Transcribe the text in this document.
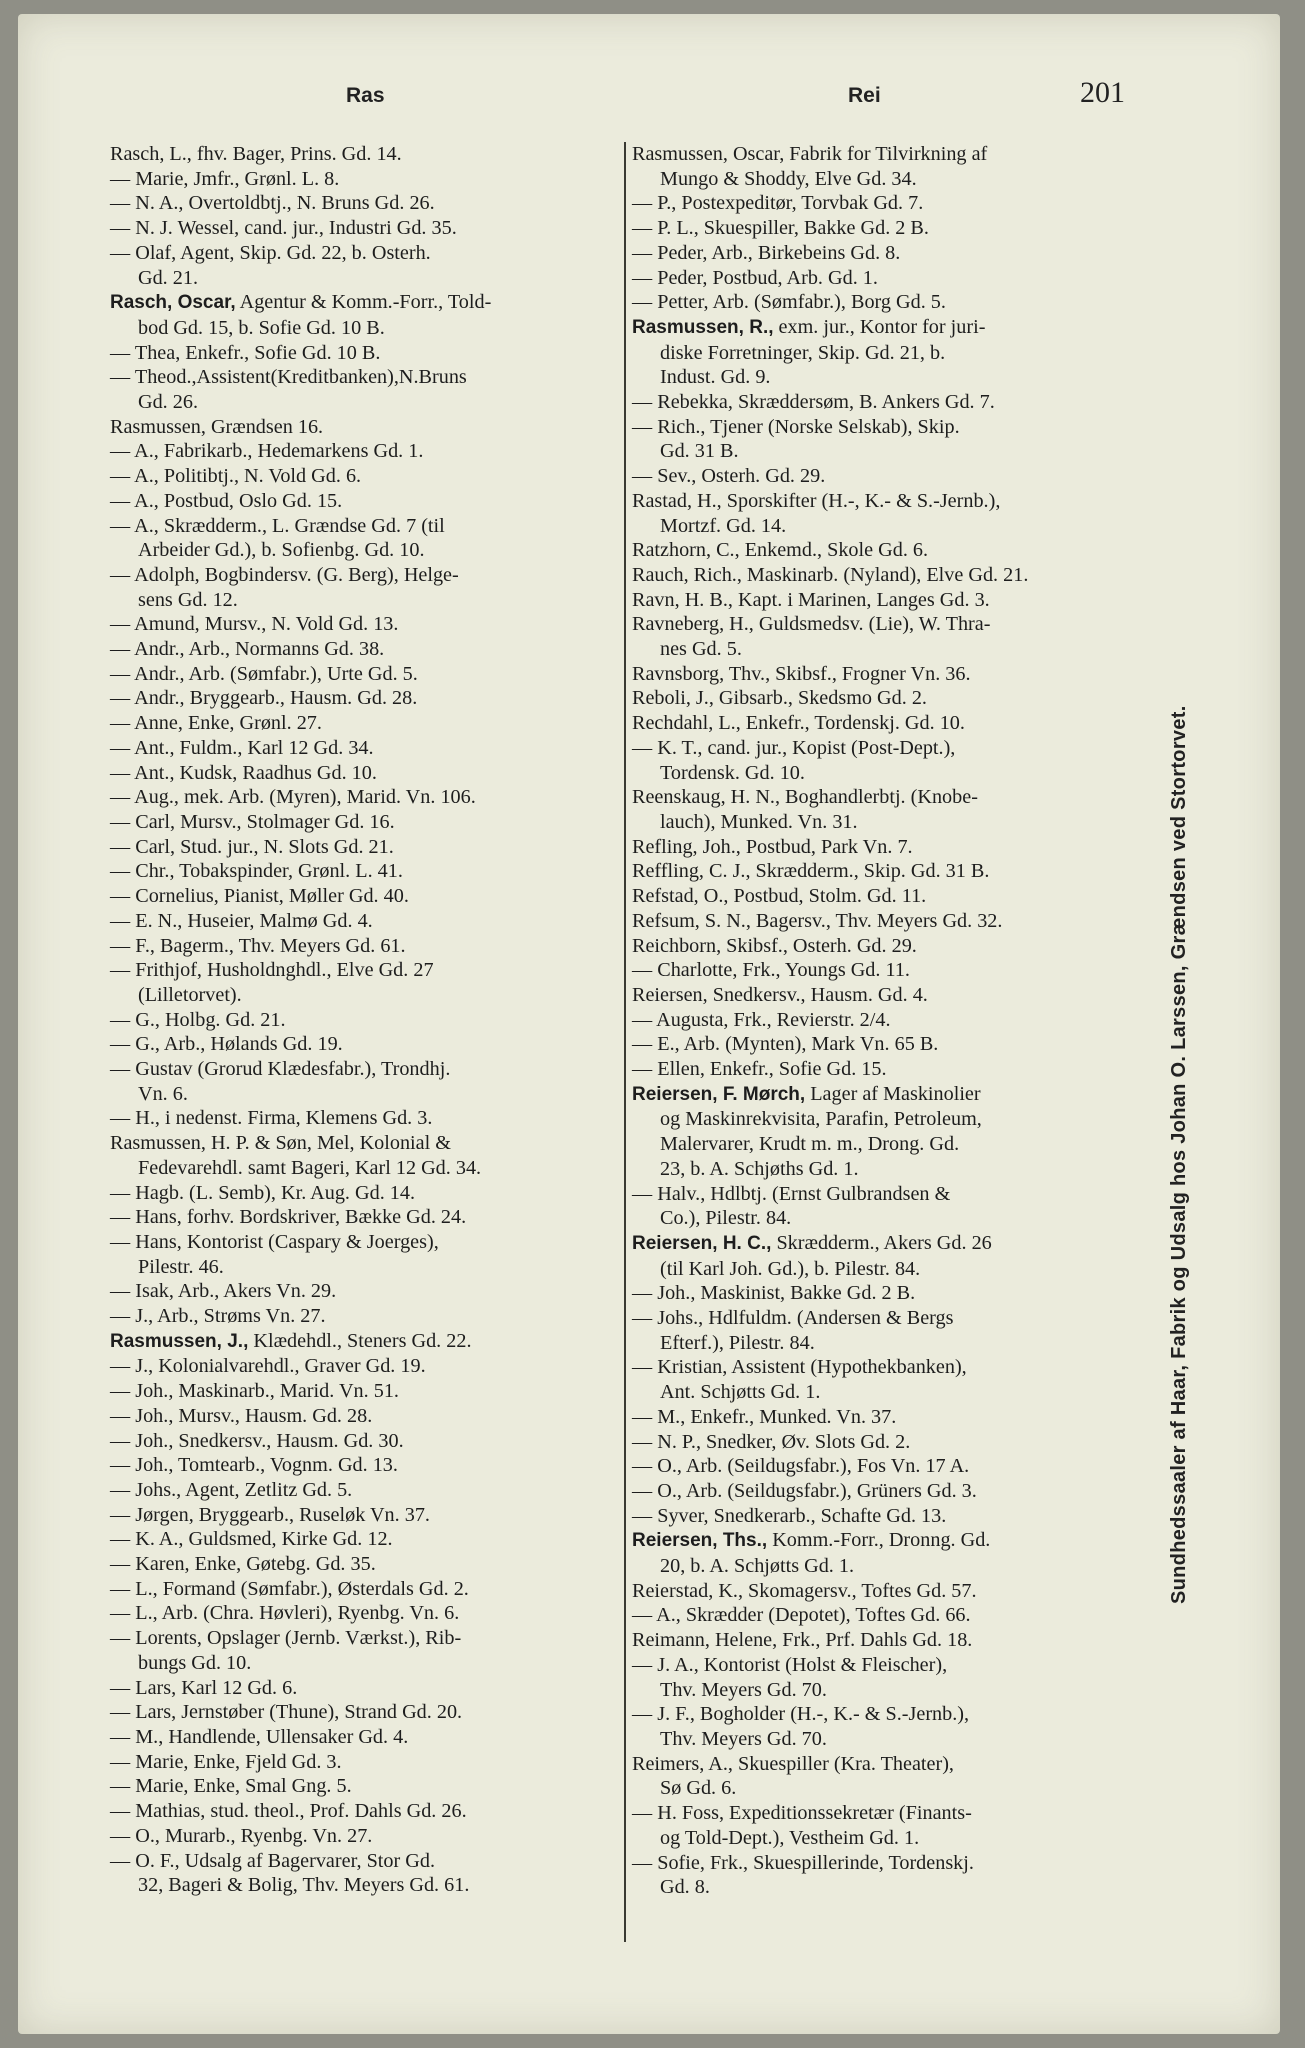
Ras	Rei	201
Rasch, L., fhv. Bager, Prins. Gd. 14.
— Marie, Jmfr., Grønl. L. 8.
— N. A., Overtoldbtj., N. Bruns Gd. 26.
— N. J. Wessel, cand. jur., Industri Gd. 35.
— Olaf, Agent, Skip. Gd. 22, b. Osterh.
Gd. 21.
Rasch, Oscar, Agentur & Komm.-Forr., Told-
bod Gd. 15, b. Sofie Gd. 10 B.
— Thea, Enkefr., Sofie Gd. 10 B.
— Theod.,Assistent(Kreditbanken),N.Bruns
Gd. 26.
Rasmussen, Grændsen 16.
— A., Fabrikarb., Hedemarkens Gd. 1.
— A., Politibtj., N. Vold Gd. 6.
— A., Postbud, Oslo Gd. 15.
— A., Skrædderm., L. Grændse Gd. 7 (til
Arbeider Gd.), b. Sofienbg. Gd. 10.
— Adolph, Bogbindersv. (G. Berg), Helge-
sens Gd. 12.
— Amund, Mursv., N. Vold Gd. 13.
— Andr., Arb., Normanns Gd. 38.
— Andr., Arb. (Sømfabr.), Urte Gd. 5.
— Andr., Bryggearb., Hausm. Gd. 28.
— Anne, Enke, Grønl. 27.
— Ant., Fuldm., Karl 12 Gd. 34.
— Ant., Kudsk, Raadhus Gd. 10.
— Aug., mek. Arb. (Myren), Marid. Vn. 106.
— Carl, Mursv., Stolmager Gd. 16.
— Carl, Stud. jur., N. Slots Gd. 21.
— Chr., Tobakspinder, Grønl. L. 41.
— Cornelius, Pianist, Møller Gd. 40.
— E. N., Huseier, Malmø Gd. 4.
— F., Bagerm., Thv. Meyers Gd. 61.
— Frithjof, Husholdnghdl., Elve Gd. 27
(Lilletorvet).
— G., Holbg. Gd. 21.
— G., Arb., Hølands Gd. 19.
— Gustav (Grorud Klædesfabr.), Trondhj.
Vn. 6.
— H., i nedenst. Firma, Klemens Gd. 3.
Rasmussen, H. P. & Søn, Mel, Kolonial &
Fedevarehdl. samt Bageri, Karl 12 Gd. 34.
— Hagb. (L. Semb), Kr. Aug. Gd. 14.
— Hans, forhv. Bordskriver, Bække Gd. 24.
— Hans, Kontorist (Caspary & Joerges),
Pilestr. 46.
— Isak, Arb., Akers Vn. 29.
— J., Arb., Strøms Vn. 27.
Rasmussen, J., Klædehdl., Steners Gd. 22.
— J., Kolonialvarehdl., Graver Gd. 19.
— Joh., Maskinarb., Marid. Vn. 51.
— Joh., Mursv., Hausm. Gd. 28.
— Joh., Snedkersv., Hausm. Gd. 30.
— Joh., Tomtearb., Vognm. Gd. 13.
— Johs., Agent, Zetlitz Gd. 5.
— Jørgen, Bryggearb., Ruseløk Vn. 37.
— K. A., Guldsmed, Kirke Gd. 12.
— Karen, Enke, Gøtebg. Gd. 35.
— L., Formand (Sømfabr.), Østerdals Gd. 2.
— L., Arb. (Chra. Høvleri), Ryenbg. Vn. 6.
— Lorents, Opslager (Jernb. Værkst.), Rib-
bungs Gd. 10.
— Lars, Karl 12 Gd. 6.
— Lars, Jernstøber (Thune), Strand Gd. 20.
— M., Handlende, Ullensaker Gd. 4.
— Marie, Enke, Fjeld Gd. 3.
— Marie, Enke, Smal Gng. 5.
— Mathias, stud. theol., Prof. Dahls Gd. 26.
— O., Murarb., Ryenbg. Vn. 27.
— O. F., Udsalg af Bagervarer, Stor Gd.
32, Bageri & Bolig, Thv. Meyers Gd. 61.
Rasmussen, Oscar, Fabrik for Tilvirkning af
Mungo & Shoddy, Elve Gd. 34.
— P., Postexpeditør, Torvbak Gd. 7.
— P. L., Skuespiller, Bakke Gd. 2 B.
— Peder, Arb., Birkebeins Gd. 8.
— Peder, Postbud, Arb. Gd. 1.
— Petter, Arb. (Sømfabr.), Borg Gd. 5.
Rasmussen, R., exm. jur., Kontor for juri-
diske Forretninger, Skip. Gd. 21, b.
Indust. Gd. 9.
— Rebekka, Skræddersøm, B. Ankers Gd. 7.
— Rich., Tjener (Norske Selskab), Skip.
Gd. 31 B.
— Sev., Osterh. Gd. 29.
Rastad, H., Sporskifter (H.-, K.- & S.-Jernb.),
Mortzf. Gd. 14.
Ratzhorn, C., Enkemd., Skole Gd. 6.
Rauch, Rich., Maskinarb. (Nyland), Elve Gd. 21.
Ravn, H. B., Kapt. i Marinen, Langes Gd. 3.
Ravneberg, H., Guldsmedsv. (Lie), W. Thra-
nes Gd. 5.
Ravnsborg, Thv., Skibsf., Frogner Vn. 36.
Reboli, J., Gibsarb., Skedsmo Gd. 2.
Rechdahl, L., Enkefr., Tordenskj. Gd. 10.
— K. T., cand. jur., Kopist (Post-Dept.),
Tordensk. Gd. 10.
Reenskaug, H. N., Boghandlerbtj. (Knobe-
lauch), Munked. Vn. 31.
Refling, Joh., Postbud, Park Vn. 7.
Reffling, C. J., Skrædderm., Skip. Gd. 31 B.
Refstad, O., Postbud, Stolm. Gd. 11.
Refsum, S. N., Bagersv., Thv. Meyers Gd. 32.
Reichborn, Skibsf., Osterh. Gd. 29.
— Charlotte, Frk., Youngs Gd. 11.
Reiersen, Snedkersv., Hausm. Gd. 4.
— Augusta, Frk., Revierstr. 2/4.
— E., Arb. (Mynten), Mark Vn. 65 B.
— Ellen, Enkefr., Sofie Gd. 15.
Reiersen, F. Mørch, Lager af Maskinolier
og Maskinrekvisita, Parafin, Petroleum,
Malervarer, Krudt m. m., Drong. Gd.
23, b. A. Schjøths Gd. 1.
— Halv., Hdlbtj. (Ernst Gulbrandsen &
Co.), Pilestr. 84.
Reiersen, H. C., Skrædderm., Akers Gd. 26
(til Karl Joh. Gd.), b. Pilestr. 84.
— Joh., Maskinist, Bakke Gd. 2 B.
— Johs., Hdlfuldm. (Andersen & Bergs
Efterf.), Pilestr. 84.
— Kristian, Assistent (Hypothekbanken),
Ant. Schjøtts Gd. 1.
— M., Enkefr., Munked. Vn. 37.
— N. P., Snedker, Øv. Slots Gd. 2.
— O., Arb. (Seildugsfabr.), Fos Vn. 17 A.
— O., Arb. (Seildugsfabr.), Grüners Gd. 3.
— Syver, Snedkerarb., Schafte Gd. 13.
Reiersen, Ths., Komm.-Forr., Dronng. Gd.
20, b. A. Schjøtts Gd. 1.
Reierstad, K., Skomagersv., Toftes Gd. 57.
— A., Skrædder (Depotet), Toftes Gd. 66.
Reimann, Helene, Frk., Prf. Dahls Gd. 18.
— J. A., Kontorist (Holst & Fleischer),
Thv. Meyers Gd. 70.
— J. F., Bogholder (H.-, K.- & S.-Jernb.),
Thv. Meyers Gd. 70.
Reimers, A., Skuespiller (Kra. Theater),
Sø Gd. 6.
— H. Foss, Expeditionssekretær (Finants-
og Told-Dept.), Vestheim Gd. 1.
— Sofie, Frk., Skuespillerinde, Tordenskj.
Gd. 8.
Sundhedssaaler af Haar, Fabrik og Udsalg hos Johan O. Larssen, Grændsen ved Stortorvet.
